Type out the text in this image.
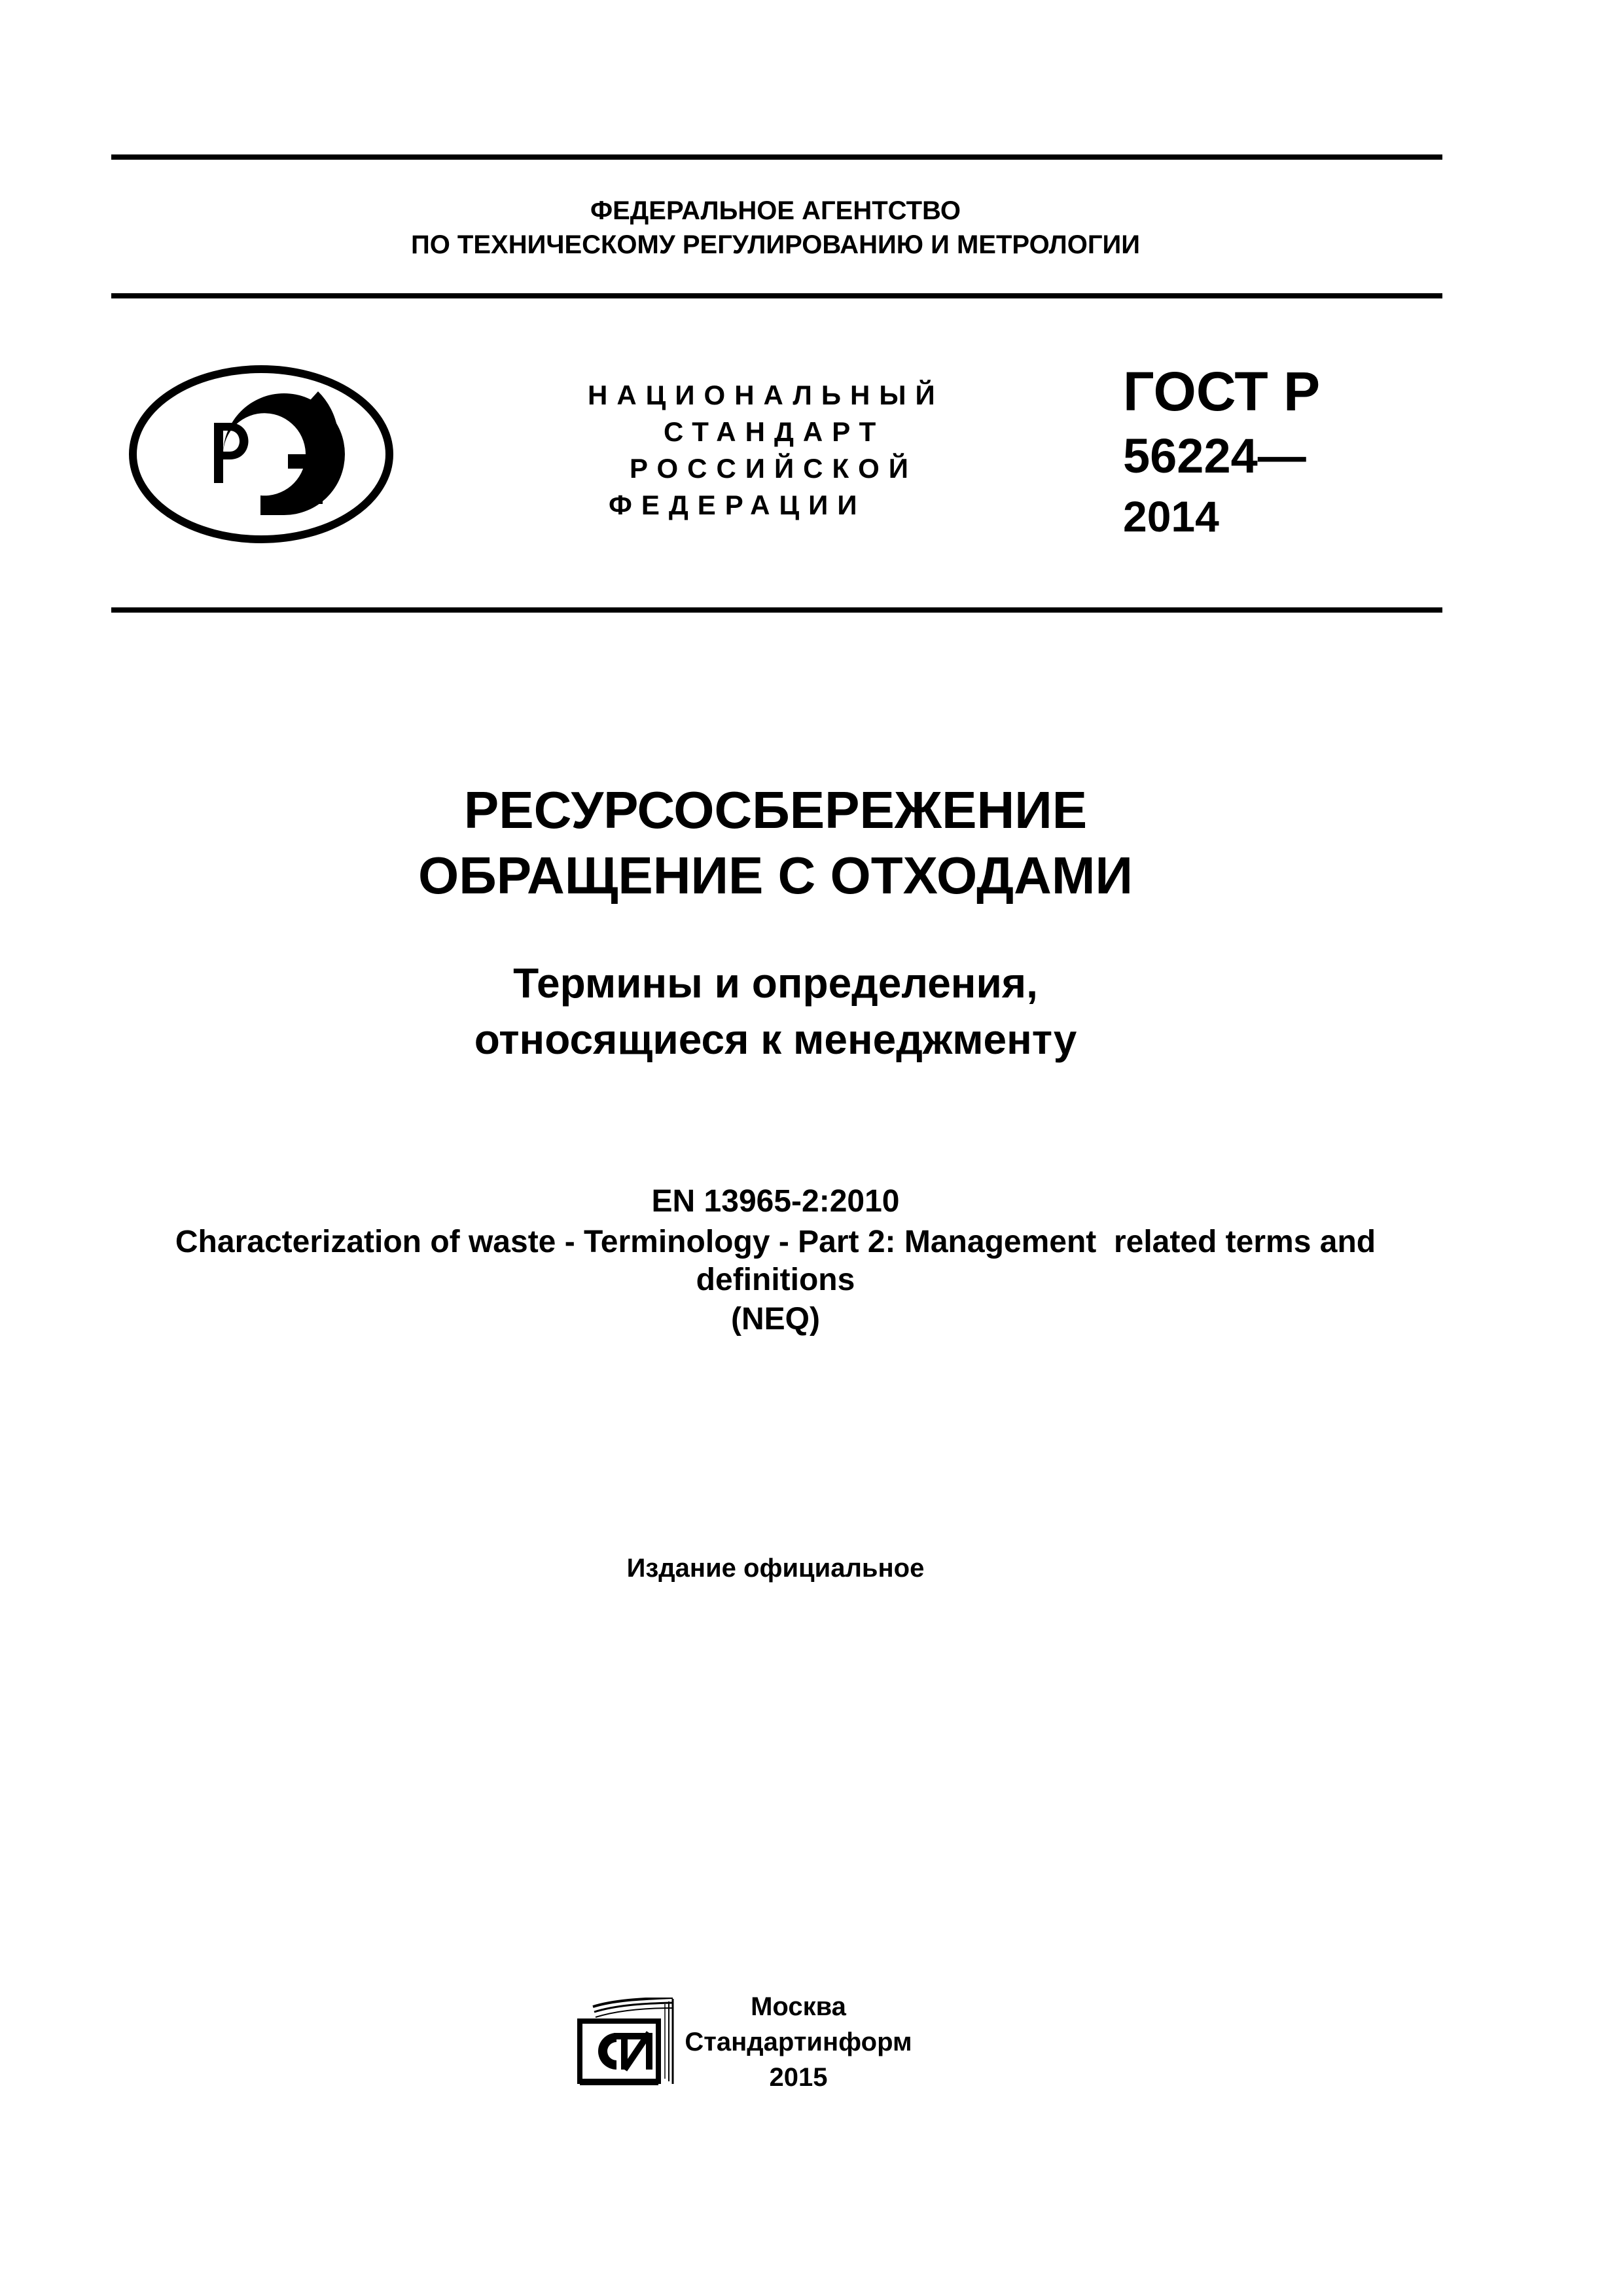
ФЕДЕРАЛЬНОЕ АГЕНТСТВО
ПО ТЕХНИЧЕСКОМУ РЕГУЛИРОВАНИЮ И МЕТРОЛОГИИ
НАЦИОНАЛЬНЫЙ
СТАНДАРТ
РОССИЙСКОЙ
ФЕДЕРАЦИИ
ГОСТ Р
56224—
2014
РЕСУРСОСБЕРЕЖЕНИЕ
ОБРАЩЕНИЕ С ОТХОДАМИ
Термины и определения,
относящиеся к менеджменту
EN 13965-2:2010
Characterization of waste - Terminology - Part 2: Management  related terms and
definitions
(NEQ)
Издание официальное
Москва
Стандартинформ
2015
